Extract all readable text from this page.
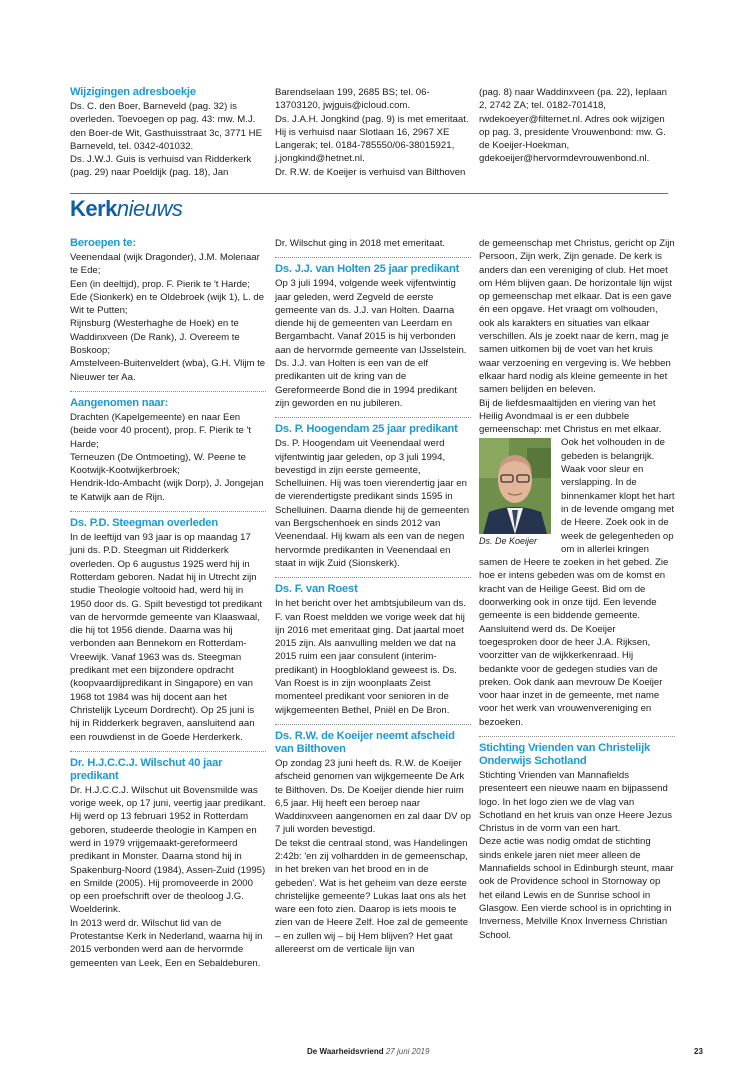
Wijzigingen adresboekje

Ds. C. den Boer, Barneveld (pag. 32) is overleden. Toevoegen op pag. 43: mw. M.J. den Boer-de Wit, Gasthuisstraat 3c, 3771 HE Barneveld, tel. 0342-401032.

Ds. J.W.J. Guis is verhuisd van Ridderkerk (pag. 29) naar Poeldijk (pag. 18), Jan

Barendselaan 199, 2685 BS; tel. 06-13703120, jwjguis@icloud.com.

Ds. J.A.H. Jongkind (pag. 9) is met emeritaat. Hij is verhuisd naar Slotlaan 16, 2967 XE Langerak; tel. 0184-785550/06-38015921, j.jongkind@hetnet.nl.

Dr. R.W. de Koeijer is verhuisd van Bilthoven

(pag. 8) naar Waddinxveen (pa. 22), Ieplaan 2, 2742 ZA; tel. 0182-701418, rwdekoeyer@filternet.nl. Adres ook wijzigen op pag. 3, presidente Vrouwenbond: mw. G. de Koeijer-Hoekman, gdekoeijer@hervormdevrouwenbond.nl.

Kerknieuws
Beroepen te:

Veenendaal (wijk Dragonder), J.M. Molenaar te Ede;

Een (in deeltijd), prop. F. Pierik te 't Harde;

Ede (Sionkerk) en te Oldebroek (wijk 1), L. de Wit te Putten;

Rijnsburg (Westerhaghe de Hoek) en te Waddinxveen (De Rank), J. Overeem te Boskoop;

Amstelveen-Buitenveldert (wba), G.H. Vlijm te Nieuwer ter Aa.

Aangenomen naar:

Drachten (Kapelgemeente) en naar Een (beide voor 40 procent), prop. F. Pierik te 't Harde;

Terneuzen (De Ontmoeting), W. Peene te Kootwijk-Kootwijkerbroek;

Hendrik-Ido-Ambacht (wijk Dorp), J. Jongejan te Katwijk aan de Rijn.

Ds. P.D. Steegman overleden

In de leeftijd van 93 jaar is op maandag 17 juni ds. P.D. Steegman uit Ridderkerk overleden. Op 6 augustus 1925 werd hij in Rotterdam geboren. Nadat hij in Utrecht zijn studie Theologie voltooid had, werd hij in 1950 door ds. G. Spilt bevestigd tot predikant van de hervormde gemeente van Klaaswaal, die hij tot 1956 diende. Daarna was hij verbonden aan Bennekom en Rotterdam-Vreewijk. Vanaf 1963 was ds. Steegman predikant met een bijzondere opdracht (koopvaardijpredikant in Singapore) en van 1968 tot 1984 was hij docent aan het Christelijk Lyceum Dordrecht). Op 25 juni is hij in Ridderkerk begraven, aansluitend aan een rouwdienst in de Goede Herderkerk.

Dr. H.J.C.C.J. Wilschut 40 jaar predikant

Dr. H.J.C.C.J. Wilschut uit Bovensmilde was vorige week, op 17 juni, veertig jaar predikant. Hij werd op 13 februari 1952 in Rotterdam geboren, studeerde theologie in Kampen en werd in 1979 vrijgemaakt-gereformeerd predikant in Monster. Daarna stond hij in Spakenburg-Noord (1984), Assen-Zuid (1995) en Smilde (2005). Hij promoveerde in 2000 op een proefschrift over de theoloog J.G. Woelderink.

In 2013 werd dr. Wilschut lid van de Protestantse Kerk in Nederland, waarna hij in 2015 verbonden werd aan de hervormde gemeenten van Leek, Een en Sebaldeburen.

Dr. Wilschut ging in 2018 met emeritaat.

Ds. J.J. van Holten 25 jaar predikant

Op 3 juli 1994, volgende week vijfentwintig jaar geleden, werd Zegveld de eerste gemeente van ds. J.J. van Holten. Daarna diende hij de gemeenten van Leerdam en Bergambacht. Vanaf 2015 is hij verbonden aan de hervormde gemeente van IJsselstein. Ds. J.J. van Holten is een van de elf predikanten uit de kring van de Gereformeerde Bond die in 1994 predikant zijn geworden en nu jubileren.

Ds. P. Hoogendam 25 jaar predikant

Ds. P. Hoogendam uit Veenendaal werd vijfentwintig jaar geleden, op 3 juli 1994, bevestigd in zijn eerste gemeente, Schelluinen. Hij was toen vierendertig jaar en de vierendertigste predikant sinds 1595 in Schelluinen. Daarna diende hij de gemeenten van Bergschenhoek en sinds 2012 van Veenendaal. Hij kwam als een van de negen hervormde predikanten in Veenendaal en staat in wijk Zuid (Sionskerk).

Ds. F. van Roest

In het bericht over het ambtsjubileum van ds. F. van Roest meldden we vorige week dat hij ijn 2016 met emeritaat ging. Dat jaartal moet 2015 zijn. Als aanvulling melden we dat na 2015 ruim een jaar consulent (interim-predikant) in Hoogblokland geweest is. Ds. Van Roest is in zijn woonplaats Zeist momenteel predikant voor senioren in de wijkgemeenten Bethel, Pniël en De Bron.

Ds. R.W. de Koeijer neemt afscheid van Bilthoven

Op zondag 23 juni heeft ds. R.W. de Koeijer afscheid genomen van wijkgemeente De Ark te Bilthoven. Ds. De Koeijer diende hier ruim 6,5 jaar. Hij heeft een beroep naar Waddinxveen aangenomen en zal daar DV op 7 juli worden bevestigd.

De tekst die centraal stond, was Handelingen 2:42b: 'en zij volhardden in de gemeenschap, in het breken van het brood en in de gebeden'. Wat is het geheim van deze eerste christelijke gemeente? Lukas laat ons als het ware een foto zien. Daarop is iets moois te zien van de Heere Zelf. Hoe zal de gemeente – en zullen wij – bij Hem blijven? Het gaat allereerst om de verticale lijn van

de gemeenschap met Christus, gericht op Zijn Persoon, Zijn werk, Zijn genade. De kerk is anders dan een vereniging of club. Het moet om Hém blijven gaan. De horizontale lijn wijst op gemeenschap met elkaar. Dat is een gave én een opgave. Het vraagt om volhouden, ook als karakters en situaties van elkaar verschillen. Als je zoekt naar de kern, mag je samen uitkomen bij de voet van het kruis waar verzoening en vergeving is. We hebben elkaar hard nodig als kleine gemeente in het samen belijden en beleven.

Bij de liefdesmaaltijden en viering van het Heilig Avondmaal is er een dubbele gemeenschap: met Christus en met elkaar.

Ds. De Koeijer

Ook het volhouden in de gebeden is belangrijk. Waak voor sleur en verslapping. In de binnenkamer klopt het hart in de levende omgang met de Heere. Zoek ook in de week de gelegenheden op om in allerlei kringen samen de Heere te zoeken in het gebed. Zie hoe er intens gebeden was om de komst en kracht van de Heilige Geest. Bid om de doorwerking ook in onze tijd. Een levende gemeente is een biddende gemeente.

Aansluitend werd ds. De Koeijer toegesproken door de heer J.A. Rijksen, voorzitter van de wijkkerkenraad. Hij bedankte voor de gedegen studies van de preken. Ook dank aan mevrouw De Koeijer voor haar inzet in de gemeente, met name voor het werk van vrouwenvereniging en bezoeken.

Stichting Vrienden van Christelijk Onderwijs Schotland

Stichting Vrienden van Mannafields presenteert een nieuwe naam en bijpassend logo. In het logo zien we de vlag van Schotland en het kruis van onze Heere Jezus Christus in de vorm van een hart.

Deze actie was nodig omdat de stichting sinds enkele jaren niet meer alleen de Mannafields school in Edinburgh steunt, maar ook de Providence school in Stornoway op het eiland Lewis en de Sunrise school in Glasgow. Een vierde school is in oprichting in Inverness, Melville Knox Inverness Christian School.

De Waarheidsvriend 27 juni 2019	23
